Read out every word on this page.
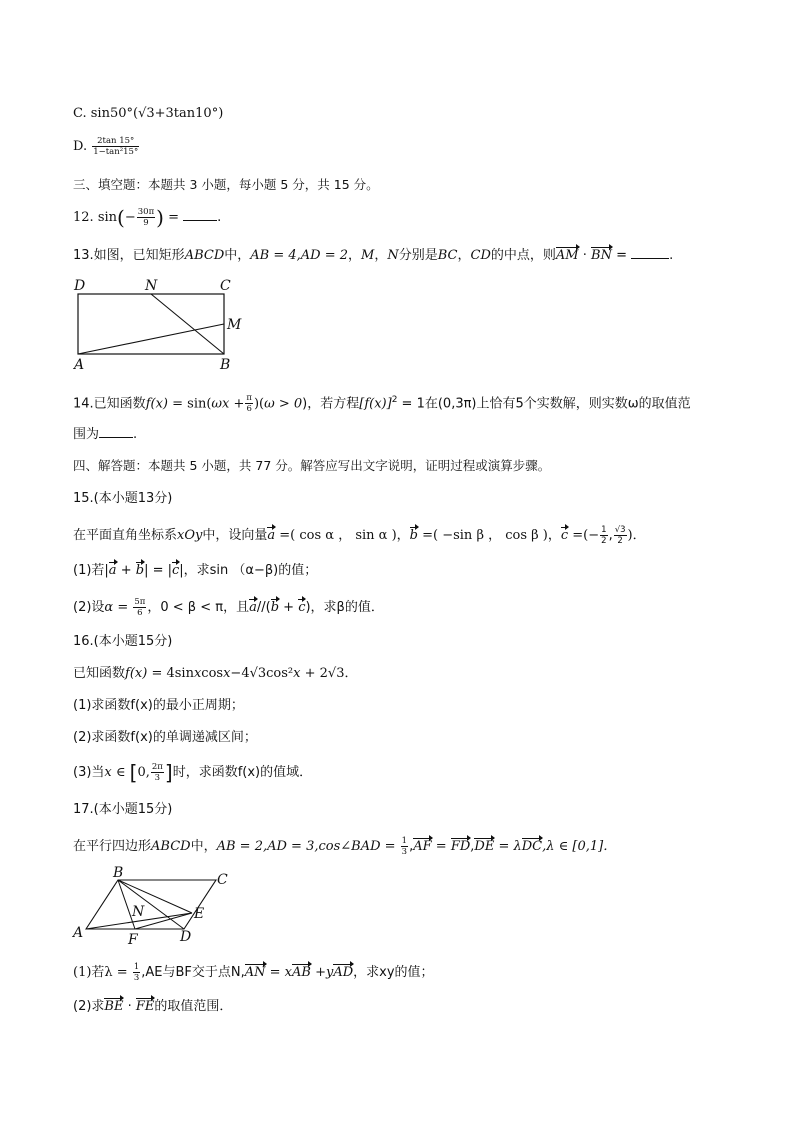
C. sin50°(√3+3tan10°)
D. $\frac{2\tan 15^\circ}{\text{1−tan²15°}}$
三、填空题：本题共 3 小题，每小题 5 分，共 15 分。
12. $\sin(- \frac{30\pi}{9}$ ) =	.
13.如图，已知矩形ABCD中，AB = 4,AD = 2，M，N分别是BC，CD的中点，则AM · BN =	.
D	N	C
M
A	B
14.已知函数$f(x) = \sin(\omega x + \frac{\pi}{6} )(\omega > 0)$，若方程$[f(x)]^2 = 1$在(0,3π)上恰有5个实数解，则实数ω的取值范
围为	.
四、解答题：本题共 5 小题，共 77 分。解答应写出文字说明，证明过程或演算步骤。
15.(本小题13分)
在平面直角坐标系xOy中，设向量a =( cos α ， sin α )，b =( −sin β ， cos β )，c =(− $\frac{1}{2}$ , $\frac{√3}{2}$ )．
(1)若|a + b| = |c|，求sin （α−β)的值；
(2)设$\alpha = \frac{5\pi}{6}$ ，0 < β < π，且a//(b + c)，求β的值．
16.(本小题15分)
已知函数f(x) = 4sinxcosx−4√3cos²x + 2√3．
(1)求函数f(x)的最小正周期；
(2)求函数f(x)的单调递减区间；
(3)当x ∈ [0, $\frac{2\pi}{3}$ ]时，求函数f(x)的值域．
17.(本小题15分)
在平行四边形ABCD中，AB = 2,AD = 3,cos∠BAD = $\frac{1}{3} ,AF = FD,DE = \lambda DC,\lambda$ ∈ [0,1]．
B	C
N	E
A	F	D
(1)若$\lambda = \frac{1}{3} ,AE$与BF交于点N,AN = xAB +yAD，求xy的值；
(2)求BE · FE的取值范围．
